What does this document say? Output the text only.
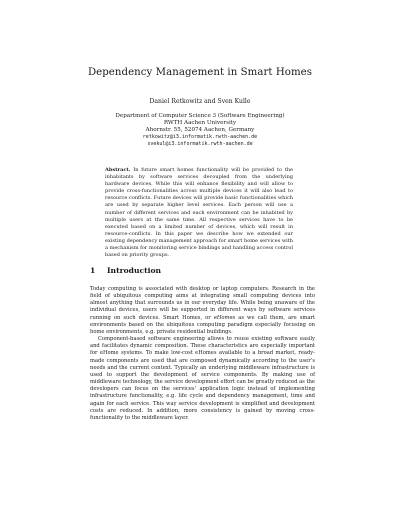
Dependency Management in Smart Homes
Daniel Retkowitz and Sven Kulle
Department of Computer Science 3 (Software Engineering)
RWTH Aachen University
Ahornstr. 55, 52074 Aachen, Germany
retkowitz@i3.informatik.rwth-aachen.de
svekul@i3.informatik.rwth-aachen.de
Abstract. In future smart homes functionality will be provided to the inhabitants by software services decoupled from the underlying hardware devices. While this will enhance flexibility and will allow to provide cross-functionalities across multiple devices it will also lead to resource conflicts. Future devices will provide basic functionalities which are used by separate higher level services. Each person will use a number of different services and each environment can be inhabited by multiple users at the same time. All respective services have to be executed based on a limited number of devices, which will result in resource-conflicts. In this paper we describe how we extended our existing dependency management approach for smart home services with a mechanism for monitoring service bindings and handling access control based on priority groups.
1 Introduction

Today computing is associated with desktop or laptop computers. Research in the field of ubiquitous computing aims at integrating small computing devices into almost anything that surrounds us in our everyday life. While being unaware of the individual devices, users will be supported in different ways by software services running on such devices. Smart Homes, or eHomes as we call them, are smart environments based on the ubiquitous computing paradigm especially focusing on home environments, e.g. private residential buildings.

Component-based software engineering allows to reuse existing software easily and facilitates dynamic composition. These characteristics are especially important for eHome systems. To make low-cost eHomes available to a broad market, ready-made components are used that are composed dynamically according to the user’s needs and the current context. Typically an underlying middleware infrastructure is used to support the development of service components. By making use of middleware technology, the service development effort can be greatly reduced as the developers can focus on the services’ application logic instead of implementing infrastructure functionality, e.g. life cycle and dependency management, time and again for each service. This way service development is simplified and development costs are reduced. In addition, more consistency is gained by moving cross-functionality to the middleware layer.
